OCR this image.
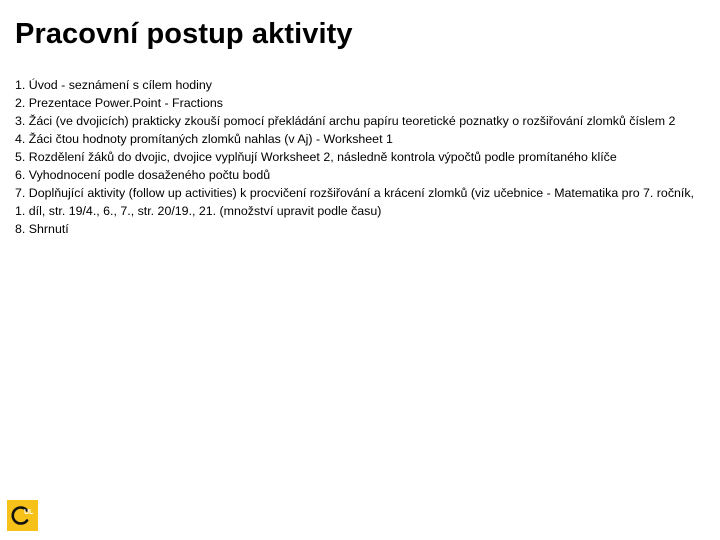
Pracovní postup aktivity
1. Úvod - seznámení s cílem hodiny
2. Prezentace Power.Point - Fractions
3. Žáci (ve dvojicích) prakticky zkouší pomocí překládání archu papíru teoretické poznatky o rozšiřování zlomků číslem 2
4. Žáci čtou hodnoty promítaných zlomků nahlas (v Aj) - Worksheet 1
5. Rozdělení žáků do dvojic, dvojice vyplňují Worksheet 2, následně kontrola výpočtů podle promítaného klíče
6. Vyhodnocení podle dosaženého počtu bodů
7. Doplňující aktivity (follow up activities) k procvičení rozšiřování a krácení zlomků (viz učebnice - Matematika pro 7. ročník, 1. díl, str. 19/4., 6., 7., str. 20/19., 21. (množství upravit podle času)
8. Shrnutí
UL
